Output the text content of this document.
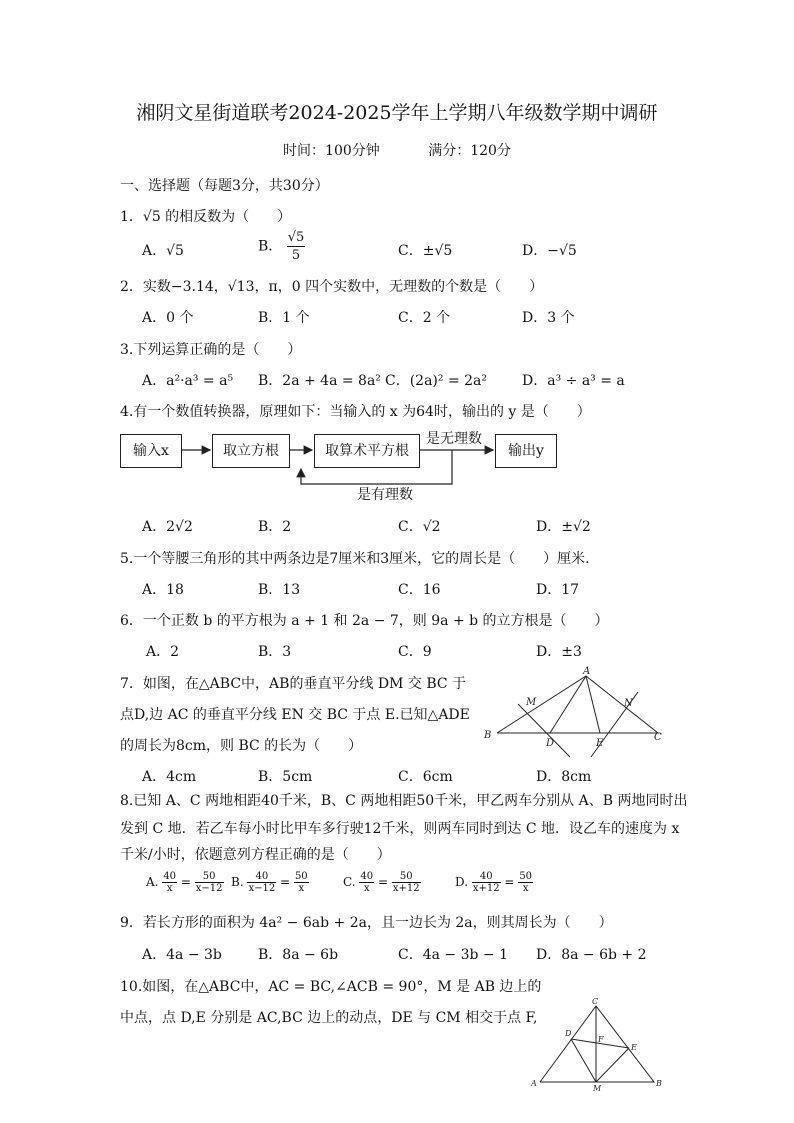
湘阴文星街道联考2024-2025学年上学期八年级数学期中调研
时间：100分钟	满分：120分
一、选择题（每题3分，共30分）
1．√5 的相反数为（　　）
A．√5	B． $\frac{√5}{5}$	C．±√5	D．−√5
2．实数−3.14，√13，π，0 四个实数中，无理数的个数是（　　）
A．0 个	B．1 个	C．2 个	D．3 个
3.下列运算正确的是（　　）
A．a²·a³ = a⁵ B．2a + 4a = 8a² C．(2a)² = 2a²	D．a³ ÷ a³ = a
4.有一个数值转换器，原理如下：当输入的 x 为64时，输出的 y 是（　　）
输入x	取立方根	取算术平方根	输出y
是无理数
是有理数
A．2√2	B．2	C．√2	D．±√2
5.一个等腰三角形的其中两条边是7厘米和3厘米，它的周长是（　　）厘米.
A．18	B．13	C．16	D．17
6．一个正数 b 的平方根为 a + 1 和 2a − 7，则 9a + b 的立方根是（　　）
A．2	B．3	C．9	D．±3
7．如图，在△ABC中，AB的垂直平分线 DM 交 BC 于
点D,边 AC 的垂直平分线 EN 交 BC 于点 E.已知△ADE
的周长为8cm，则 BC 的长为（　　）
A
M	N
B
D	E
C
A．4cm	B．5cm	C．6cm	D．8cm
8.已知 A、C 两地相距40千米，B、C 两地相距50千米，甲乙两车分别从 A、B 两地同时出
发到 C 地．若乙车每小时比甲车多行驶12千米，则两车同时到达 C 地．设乙车的速度为 x
千米/小时，依题意列方程正确的是（　　）
A. $\frac{40}{x} = \frac{50}{x-12} B$. $\frac{40}{x-12} = \frac{50}{x}$	C. $\frac{40}{x} = \frac{50}{x+12}$	D. $\frac{40}{x+12} = \frac{50}{x}$
9．若长方形的面积为 4a² − 6ab + 2a，且一边长为 2a，则其周长为（　　）
A．4a − 3b	B．8a − 6b	C．4a − 3b − 1 D．8a − 6b + 2
10.如图，在△ABC中，AC = BC,∠ACB = 90°，M 是 AB 边上的
中点，点 D,E 分别是 AC,BC 边上的动点，DE 与 CM 相交于点 F,
C
D
F
E
A
M
B
